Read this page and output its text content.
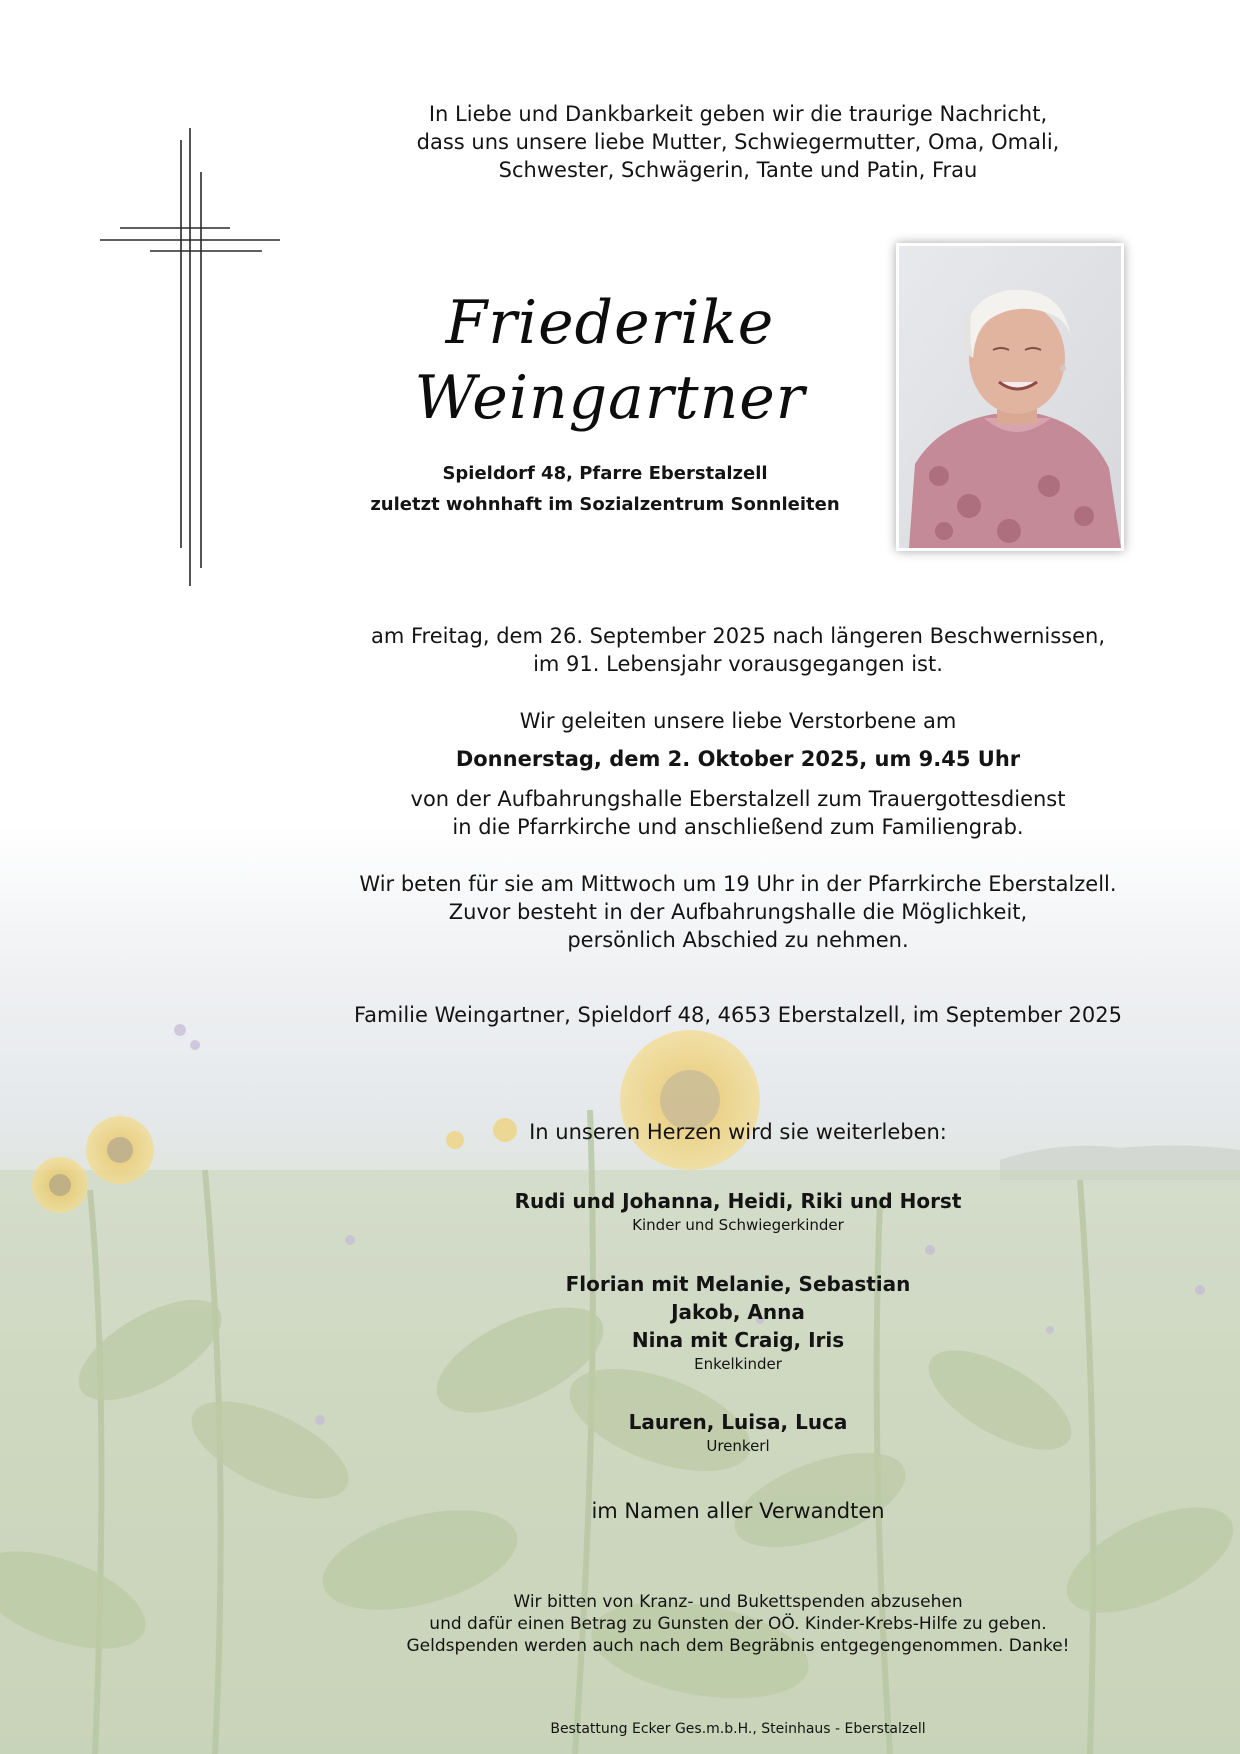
In Liebe und Dankbarkeit geben wir die traurige Nachricht,
dass uns unsere liebe Mutter, Schwiegermutter, Oma, Omali,
Schwester, Schwägerin, Tante und Patin, Frau
Friederike
Weingartner
Spieldorf 48, Pfarre Eberstalzell
zuletzt wohnhaft im Sozialzentrum Sonnleiten
am Freitag, dem 26. September 2025 nach längeren Beschwernissen,
im 91. Lebensjahr vorausgegangen ist.
Wir geleiten unsere liebe Verstorbene am
Donnerstag, dem 2. Oktober 2025, um 9.45 Uhr
von der Aufbahrungshalle Eberstalzell zum Trauergottesdienst
in die Pfarrkirche und anschließend zum Familiengrab.
Wir beten für sie am Mittwoch um 19 Uhr in der Pfarrkirche Eberstalzell.
Zuvor besteht in der Aufbahrungshalle die Möglichkeit,
persönlich Abschied zu nehmen.
Familie Weingartner, Spieldorf 48, 4653 Eberstalzell, im September 2025
In unseren Herzen wird sie weiterleben:
Rudi und Johanna, Heidi, Riki und Horst
Kinder und Schwiegerkinder
Florian mit Melanie, Sebastian
Jakob, Anna
Nina mit Craig, Iris
Enkelkinder
Lauren, Luisa, Luca
Urenkerl
im Namen aller Verwandten
Wir bitten von Kranz- und Bukettspenden abzusehen
und dafür einen Betrag zu Gunsten der OÖ. Kinder-Krebs-Hilfe zu geben.
Geldspenden werden auch nach dem Begräbnis entgegengenommen. Danke!
Bestattung Ecker Ges.m.b.H., Steinhaus - Eberstalzell
